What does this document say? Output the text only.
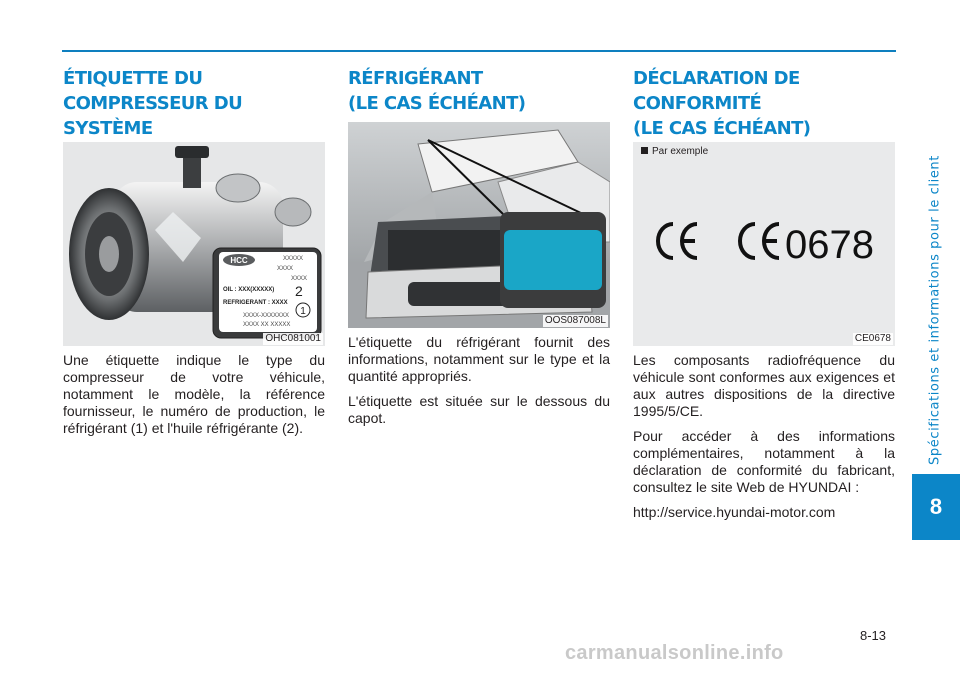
ÉTIQUETTE DU
COMPRESSEUR DU SYSTÈME

HCC	XXXXX
XXXX
XXXX
OIL : XXX(XXXXX)
REFRIGERANT : XXXX
XXXX-XXXXXXX
XXXX XX XXXXX
2
1
OHC081001

Une étiquette indique le type du compresseur de votre véhicule, notamment le modèle, la référence fournisseur, le numéro de production, le réfrigérant (1) et l'huile réfrigérante (2).

RÉFRIGÉRANT
(LE CAS ÉCHÉANT)
OOS087008L

L'étiquette du réfrigérant fournit des informations, notamment sur le type et la quantité appropriés.

L'étiquette est située sur le dessous du capot.

DÉCLARATION DE
CONFORMITÉ
(LE CAS ÉCHÉANT)
Par exemple
0678
CE0678

Les composants radiofréquence du véhicule sont conformes aux exigences et aux autres dispositions de la directive 1995/5/CE.

Pour accéder à des informations complémentaires, notamment à la déclaration de conformité du fabricant, consultez le site Web de HYUNDAI :

http://service.hyundai-motor.com

Spécifications et informations pour le client
8
8-13
carmanualsonline.info
